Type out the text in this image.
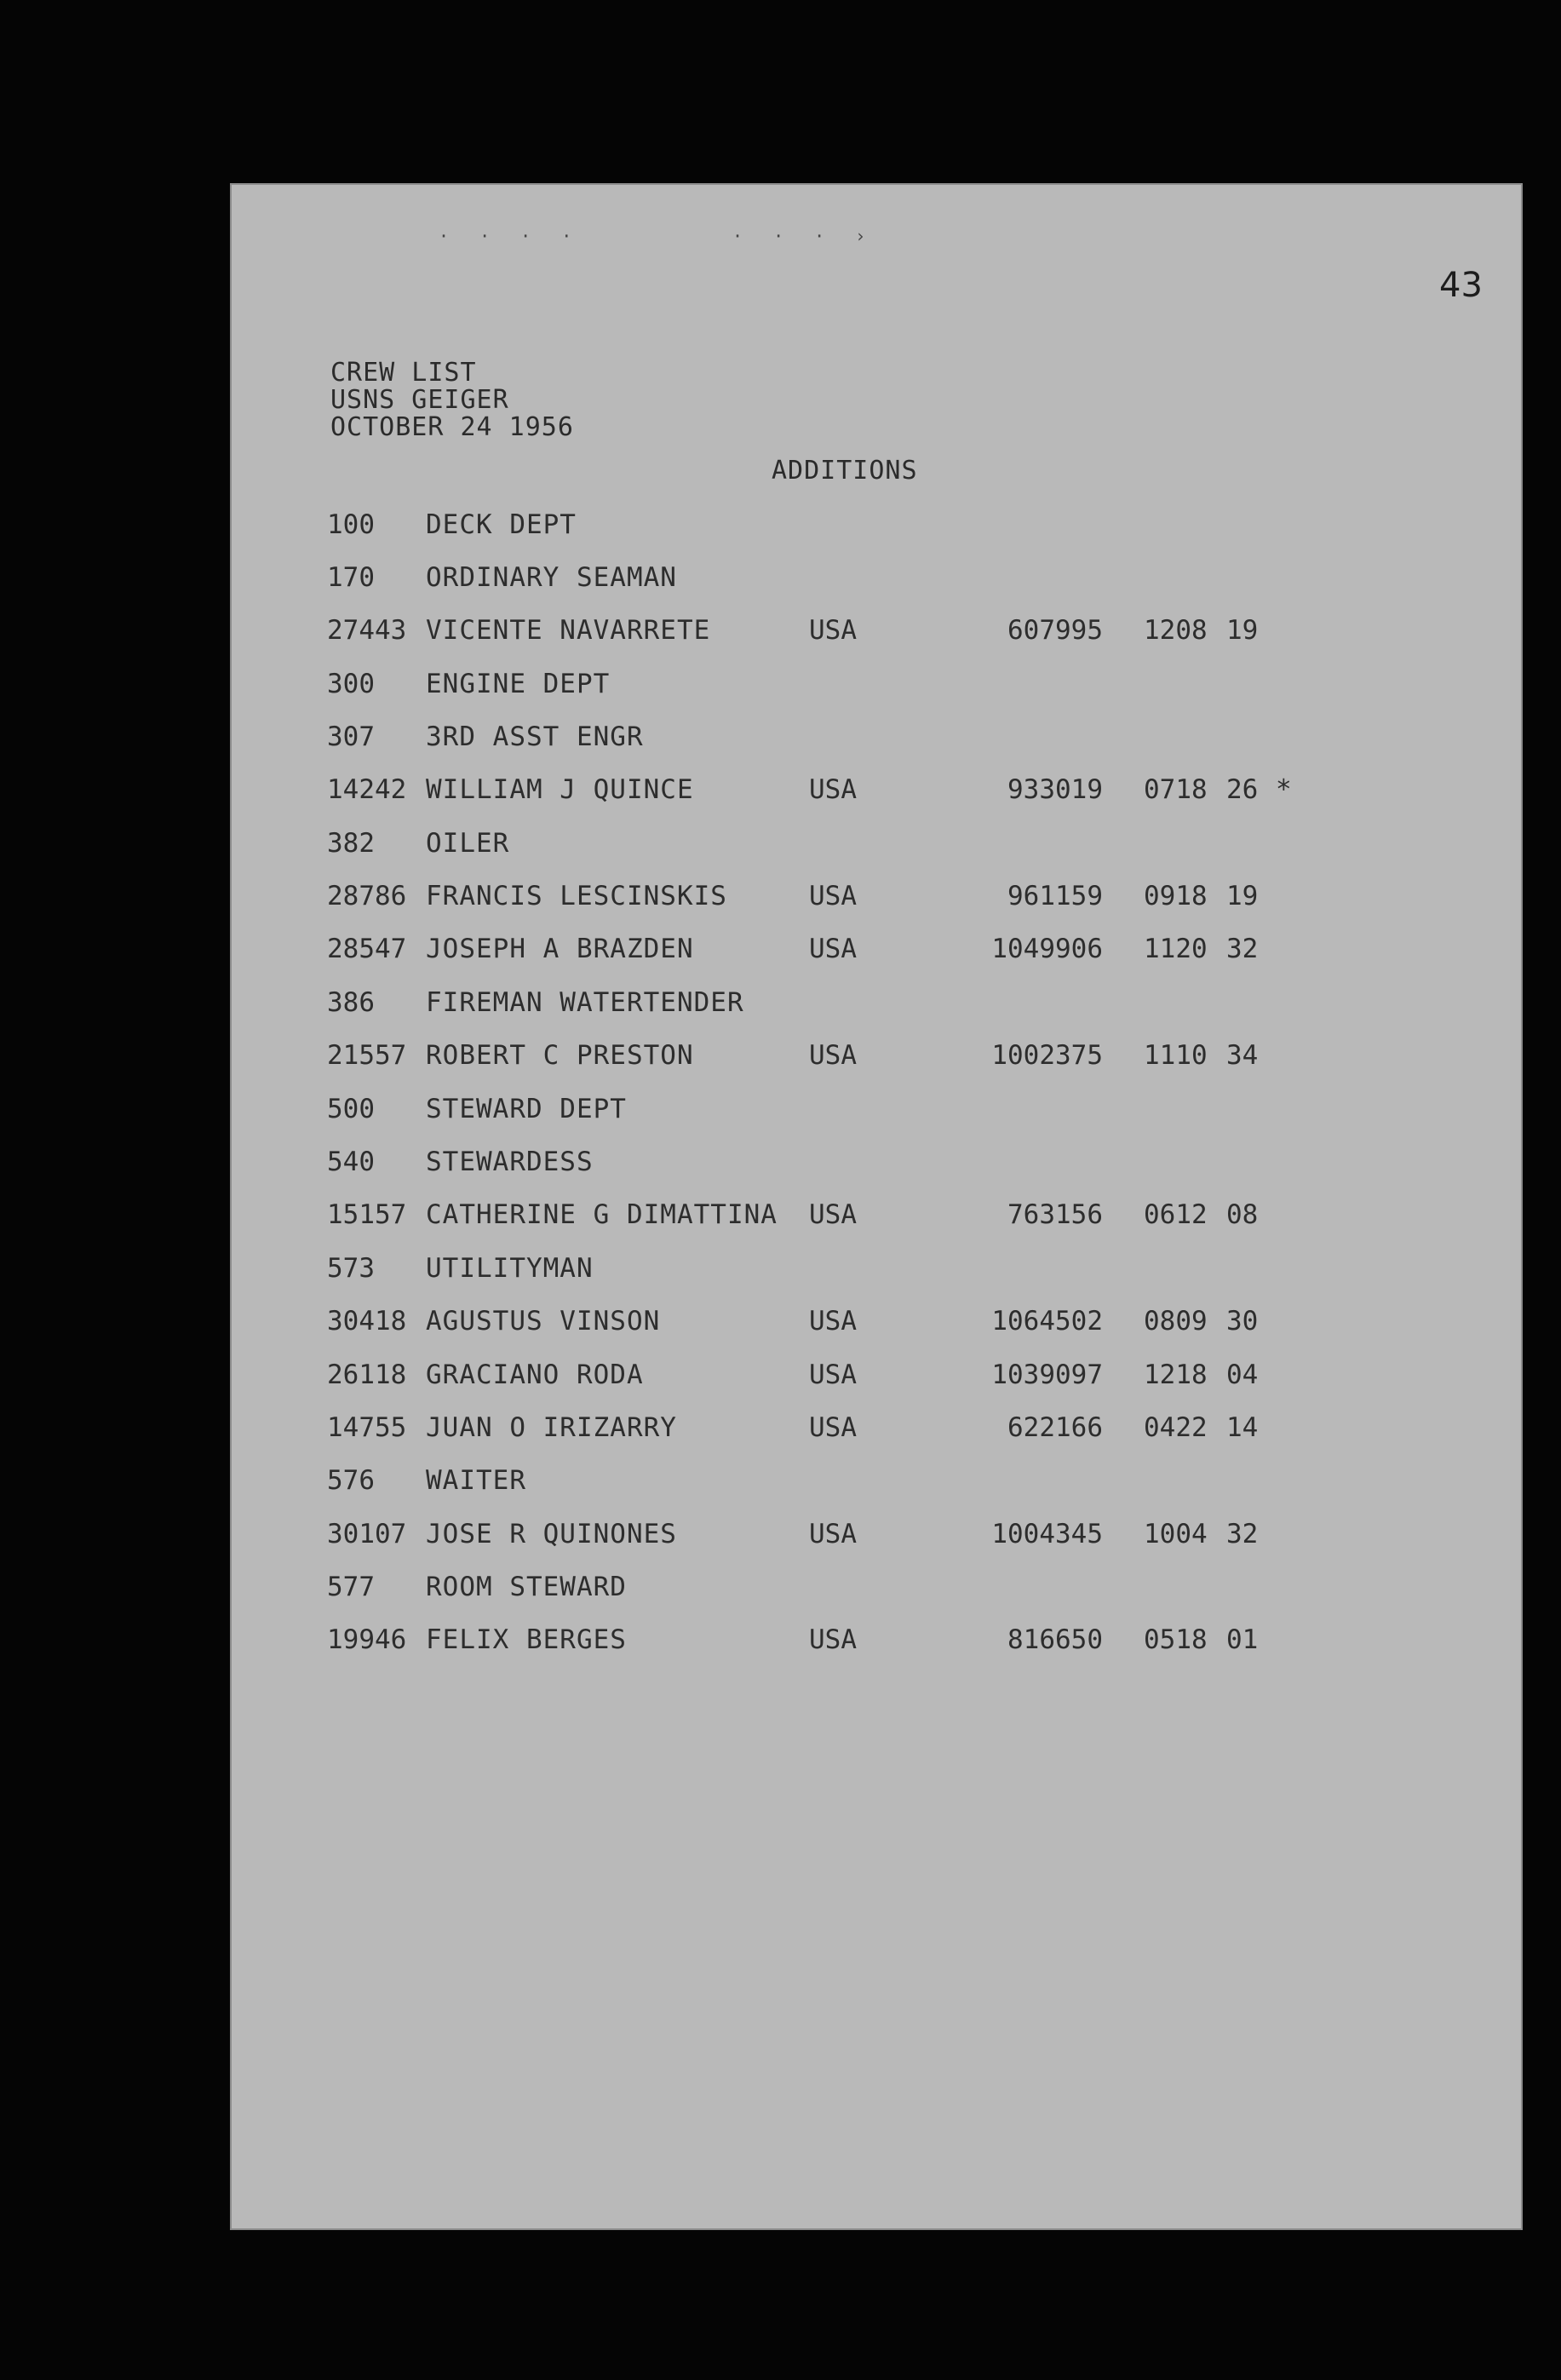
· · · ·	· · · ›
43
CREW LIST
USNS GEIGER
OCTOBER 24 1956
ADDITIONS
100 DECK DEPT
170 ORDINARY SEAMAN
27443 VICENTE NAVARRETE	USA	607995 1208 19
300 ENGINE DEPT
307 3RD ASST ENGR
14242 WILLIAM J QUINCE	USA	933019 0718 26 *
382 OILER
28786 FRANCIS LESCINSKIS	USA	961159 0918 19
28547 JOSEPH A BRAZDEN	USA	1049906 1120 32
386 FIREMAN WATERTENDER
21557 ROBERT C PRESTON	USA	1002375 1110 34
500 STEWARD DEPT
540 STEWARDESS
15157 CATHERINE G DIMATTINA USA	763156 0612 08
573 UTILITYMAN
30418 AGUSTUS VINSON	USA	1064502 0809 30
26118 GRACIANO RODA	USA	1039097 1218 04
14755 JUAN O IRIZARRY	USA	622166 0422 14
576 WAITER
30107 JOSE R QUINONES	USA	1004345 1004 32
577 ROOM STEWARD
19946 FELIX BERGES	USA	816650 0518 01
